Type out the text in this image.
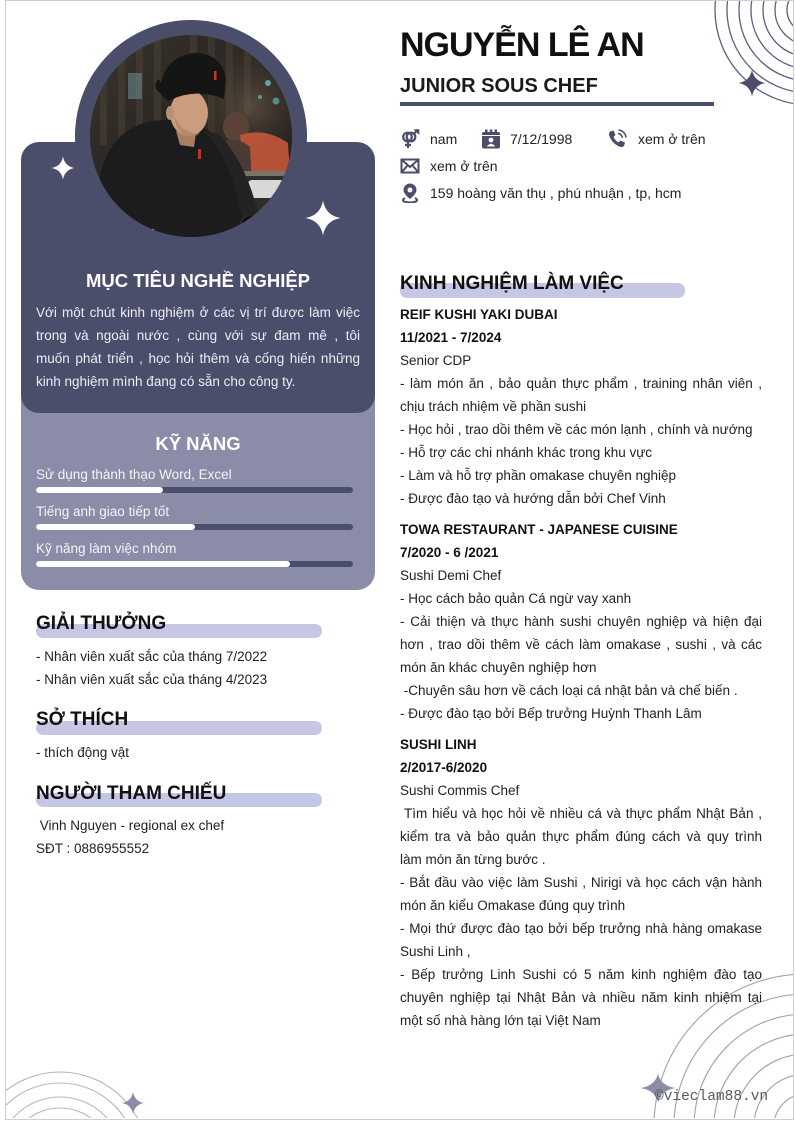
MỤC TIÊU NGHỀ NGHIỆP
Với một chút kinh nghiệm ở các vị trí được làm việc
trong và ngoài nước , cùng với sự đam mê , tôi
muốn phát triển , học hỏi thêm và cống hiến những
kinh nghiệm mình đang có sẵn cho công ty.
KỸ NĂNG
Sử dụng thành thạo Word, Excel
Tiếng anh giao tiếp tốt
Kỹ năng làm việc nhóm
GIẢI THƯỞNG
- Nhân viên xuất sắc của tháng 7/2022
- Nhân viên xuất sắc của tháng 4/2023
SỞ THÍCH
- thích động vật
NGƯỜI THAM CHIẾU
Vinh Nguyen - regional ex chef
SĐT : 0886955552
NGUYỄN LÊ AN
JUNIOR SOUS CHEF
nam	7/12/1998	xem ở trên
xem ở trên
159 hoàng văn thụ , phú nhuận , tp, hcm
KINH NGHIỆM LÀM VIỆC
REIF KUSHI YAKI DUBAI
11/2021 - 7/2024
Senior CDP
- làm món ăn , bảo quản thực phẩm , training nhân viên ,
chịu trách nhiệm về phần sushi
- Học hỏi , trao dồi thêm về các món lạnh , chính và nướng
- Hỗ trợ các chi nhánh khác trong khu vực
- Làm và hỗ trợ phần omakase chuyên nghiệp
- Được đào tạo và hướng dẫn bởi Chef Vinh
TOWA RESTAURANT - JAPANESE CUISINE
7/2020 - 6 /2021
Sushi Demi Chef
- Học cách bảo quản Cá ngừ vay xanh
- Cải thiện và thực hành sushi chuyên nghiệp và hiện đại
hơn , trao dồi thêm về cách làm omakase , sushi , và các
món ăn khác chuyên nghiệp hơn
-Chuyên sâu hơn về cách loại cá nhật bản và chế biến .
- Được đào tạo bởi Bếp trưởng Huỳnh Thanh Lâm
SUSHI LINH
2/2017-6/2020
Sushi Commis Chef
Tìm hiểu và học hỏi về nhiều cá và thực phẩm Nhật Bản ,
kiểm tra và bảo quản thực phẩm đúng cách và quy trình
làm món ăn từng bước .
- Bắt đầu vào việc làm Sushi , Nirigi và học cách vận hành
món ăn kiểu Omakase đúng quy trình
- Mọi thứ được đào tạo bởi bếp trưởng nhà hàng omakase
Sushi Linh ,
- Bếp trưởng Linh Sushi có 5 năm kinh nghiệm đào tạo
chuyên nghiệp tại Nhật Bản và nhiều năm kinh nhiệm tại
một số nhà hàng lớn tại Việt Nam
©vieclam88.vn
